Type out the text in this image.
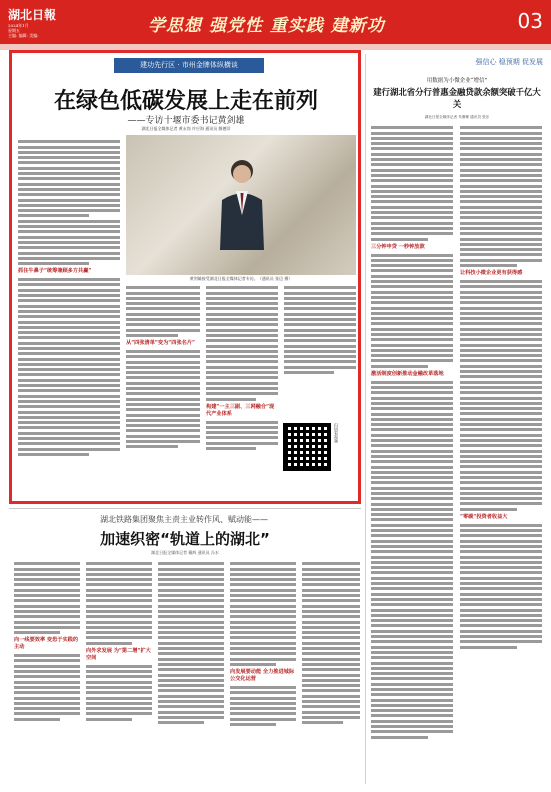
湖北日報
2024年1月
星期五
主编: 编辑: 美编:	学思想 强党性 重实践 建新功	03
建功先行区 · 市州金牌体纵横谈
在绿色低碳发展上走在前列
——专访十堰市委书记黄剑雄
湖北日报全媒体记者 黄永岗 许应海 通讯员 滕德洋
抓住牛鼻子“统筹兼顾多方共赢”
黄剑雄接受湖北日报全媒体记者专访。（通讯员 张迈 摄）
从“四张清单”变为“四张名片”
构建“一主三副、三网融合”现代产业体系
扫码看视频
强信心 稳预期 促发展
用数据为小微企业“增信”
建行湖北省分行普惠金融贷款余额突破千亿大关
湖北日报全媒体记者 朱珊珊 通讯员 张乐
三分钟申贷 一秒钟放款
激活制度创新推动金融改革落地
让科技小微企业更有获得感
“零碳”投资者收益大
湖北铁路集团聚焦主责主业转作风、赋动能——
加速织密“轨道上的湖北”
湖北日报全媒体记者 戴辉 通讯员 冯水
向一线要效率 变恐于实践的主动
向外求发展 为“第二增”扩大空间
向发展要动能 全力推进城际公交化运营
